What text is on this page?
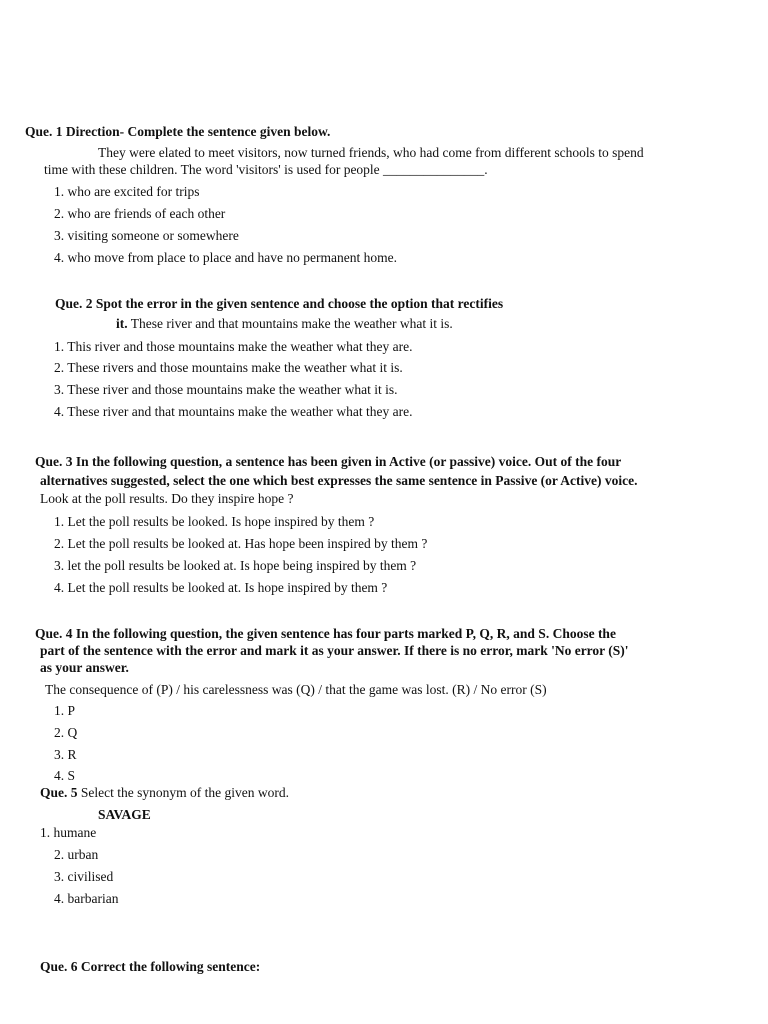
Que. 1 Direction- Complete the sentence given below.
They were elated to meet visitors, now turned friends, who had come from different schools to spend
time with these children. The word 'visitors' is used for people _______________.
1. who are excited for trips
2. who are friends of each other
3. visiting someone or somewhere
4. who move from place to place and have no permanent home.
Que. 2 Spot the error in the given sentence and choose the option that rectifies
it. These river and that mountains make the weather what it is.
1. This river and those mountains make the weather what they are.
2. These rivers and those mountains make the weather what it is.
3. These river and those mountains make the weather what it is.
4. These river and that mountains make the weather what they are.
Que. 3 In the following question, a sentence has been given in Active (or passive) voice. Out of the four
alternatives suggested, select the one which best expresses the same sentence in Passive (or Active) voice.
Look at the poll results. Do they inspire hope ?
1. Let the poll results be looked. Is hope inspired by them ?
2. Let the poll results be looked at. Has hope been inspired by them ?
3. let the poll results be looked at. Is hope being inspired by them ?
4. Let the poll results be looked at. Is hope inspired by them ?
Que. 4 In the following question, the given sentence has four parts marked P, Q, R, and S. Choose the
part of the sentence with the error and mark it as your answer. If there is no error, mark 'No error (S)'
as your answer.
The consequence of (P) / his carelessness was (Q) / that the game was lost. (R) / No error (S)
1. P
2. Q
3. R
4. S
Que. 5 Select the synonym of the given word.
SAVAGE
1. humane
2. urban
3. civilised
4. barbarian
Que. 6 Correct the following sentence:
